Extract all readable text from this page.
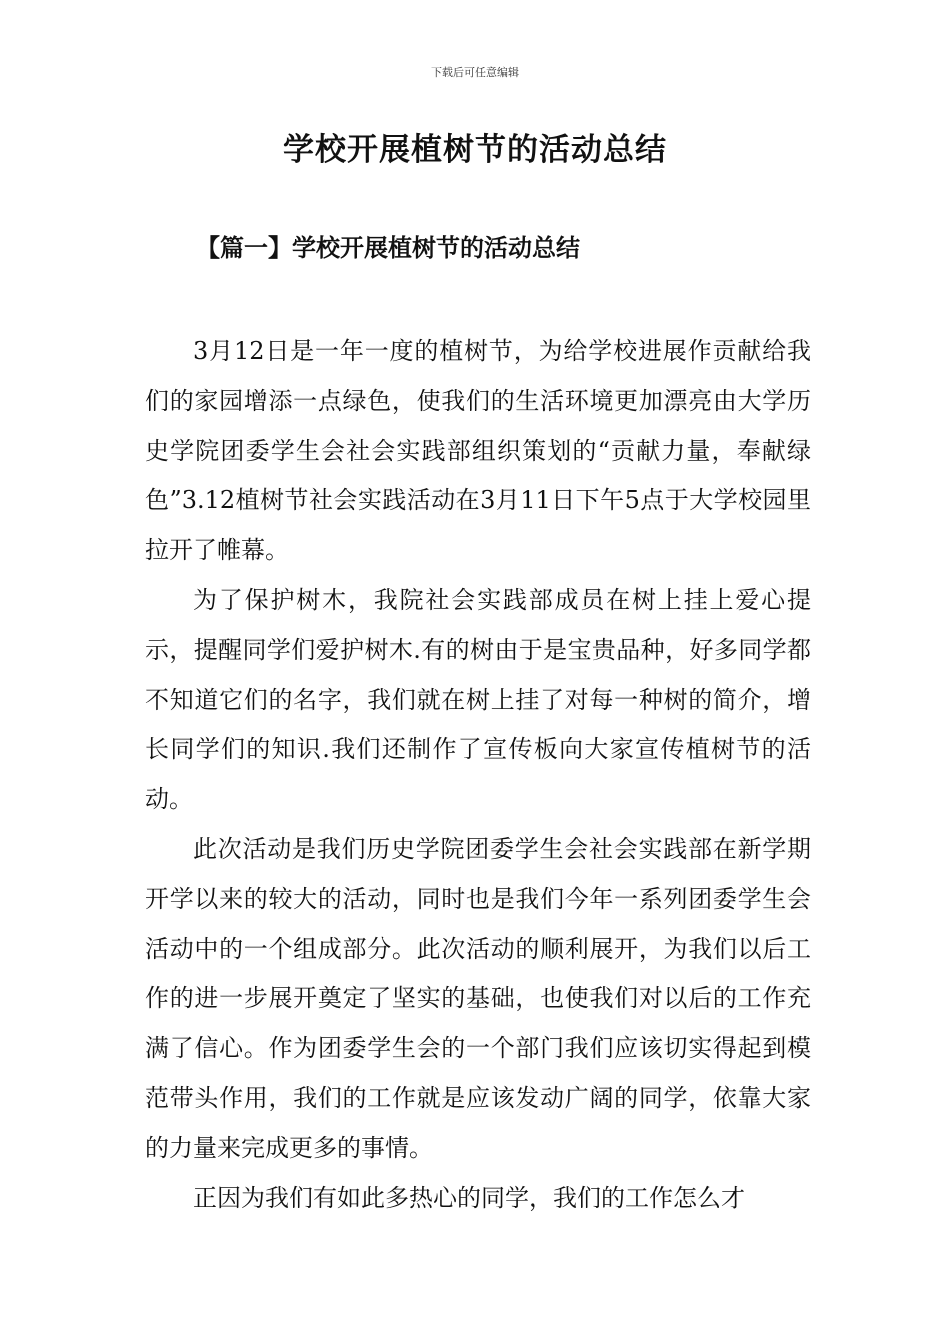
下载后可任意编辑
学校开展植树节的活动总结
【篇一】学校开展植树节的活动总结

3月12日是一年一度的植树节，为给学校进展作贡献给我们的家园增添一点绿色，使我们的生活环境更加漂亮由大学历史学院团委学生会社会实践部组织策划的“贡献力量，奉献绿色”3.12植树节社会实践活动在3月11日下午5点于大学校园里拉开了帷幕。

为了保护树木，我院社会实践部成员在树上挂上爱心提示，提醒同学们爱护树木.有的树由于是宝贵品种，好多同学都不知道它们的名字，我们就在树上挂了对每一种树的简介，增长同学们的知识.我们还制作了宣传板向大家宣传植树节的活动。

此次活动是我们历史学院团委学生会社会实践部在新学期开学以来的较大的活动，同时也是我们今年一系列团委学生会活动中的一个组成部分。此次活动的顺利展开，为我们以后工作的进一步展开奠定了坚实的基础，也使我们对以后的工作充满了信心。作为团委学生会的一个部门我们应该切实得起到模范带头作用，我们的工作就是应该发动广阔的同学，依靠大家的力量来完成更多的事情。

正因为我们有如此多热心的同学，我们的工作怎么才
